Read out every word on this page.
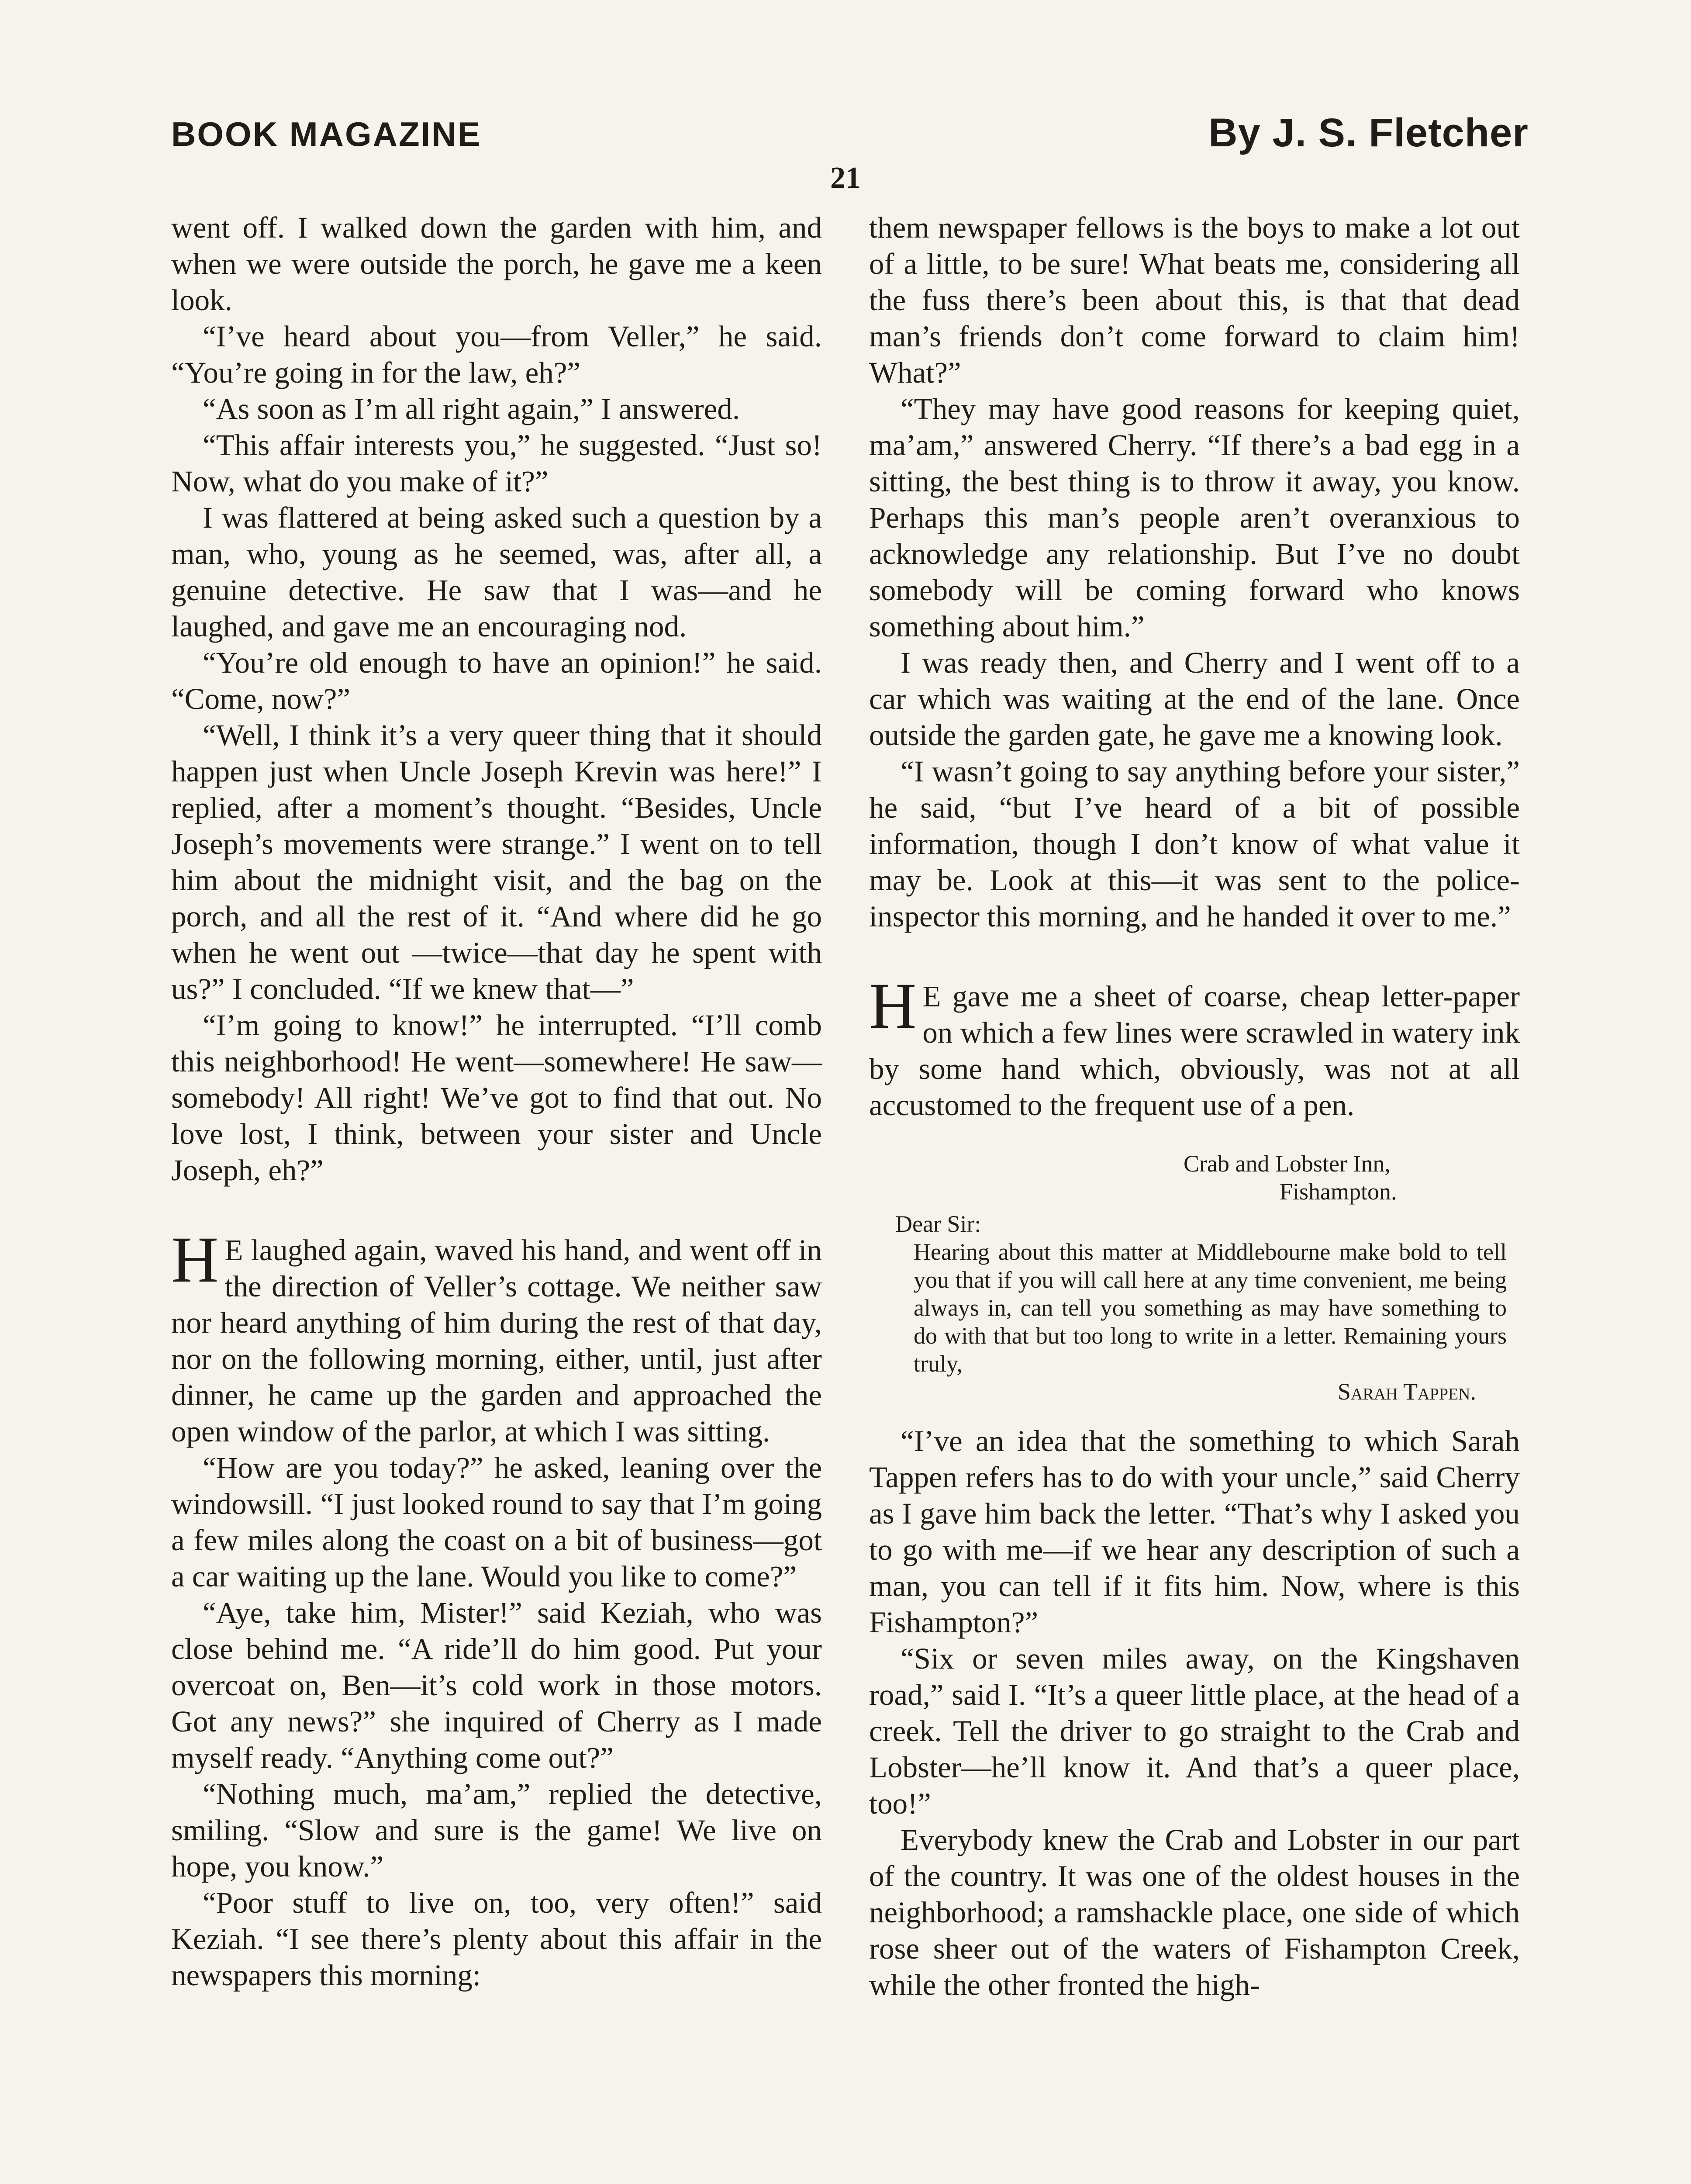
BOOK MAGAZINE	By J. S. Fletcher
21

went off. I walked down the garden with him, and when we were outside the porch, he gave me a keen look.

“I’ve heard about you—from Veller,” he said. “You’re going in for the law, eh?”

“As soon as I’m all right again,” I answered.

“This affair interests you,” he suggested. “Just so! Now, what do you make of it?”

I was flattered at being asked such a question by a man, who, young as he seemed, was, after all, a genuine detective. He saw that I was—and he laughed, and gave me an encouraging nod.

“You’re old enough to have an opinion!” he said. “Come, now?”

“Well, I think it’s a very queer thing that it should happen just when Uncle Joseph Krevin was here!” I replied, after a moment’s thought. “Besides, Uncle Joseph’s movements were strange.” I went on to tell him about the midnight visit, and the bag on the porch, and all the rest of it. “And where did he go when he went out —twice—that day he spent with us?” I concluded. “If we knew that—”

“I’m going to know!” he interrupted. “I’ll comb this neighborhood! He went—somewhere! He saw—somebody! All right! We’ve got to find that out. No love lost, I think, between your sister and Uncle Joseph, eh?”

H E laughed again, waved his hand, and went off in the direction of Veller’s cottage. We neither saw nor heard anything of him during the rest of that day, nor on the following morning, either, until, just after dinner, he came up the garden and approached the open window of the parlor, at which I was sitting.

“How are you today?” he asked, leaning over the windowsill. “I just looked round to say that I’m going a few miles along the coast on a bit of business—got a car waiting up the lane. Would you like to come?”

“Aye, take him, Mister!” said Keziah, who was close behind me. “A ride’ll do him good. Put your overcoat on, Ben—it’s cold work in those motors. Got any news?” she inquired of Cherry as I made myself ready. “Anything come out?”

“Nothing much, ma’am,” replied the detective, smiling. “Slow and sure is the game! We live on hope, you know.”

“Poor stuff to live on, too, very often!” said Keziah. “I see there’s plenty about this affair in the newspapers this morning:

them newspaper fellows is the boys to make a lot out of a little, to be sure! What beats me, considering all the fuss there’s been about this, is that that dead man’s friends don’t come forward to claim him! What?”

“They may have good reasons for keeping quiet, ma’am,” answered Cherry. “If there’s a bad egg in a sitting, the best thing is to throw it away, you know. Perhaps this man’s people aren’t overanxious to acknowledge any relationship. But I’ve no doubt somebody will be coming forward who knows something about him.”

I was ready then, and Cherry and I went off to a car which was waiting at the end of the lane. Once outside the garden gate, he gave me a knowing look.

“I wasn’t going to say anything before your sister,” he said, “but I’ve heard of a bit of possible information, though I don’t know of what value it may be. Look at this—it was sent to the police-inspector this morning, and he handed it over to me.”

H E gave me a sheet of coarse, cheap letter-paper on which a few lines were scrawled in watery ink by some hand which, obviously, was not at all accustomed to the frequent use of a pen.

Crab and Lobster Inn,
Fishampton.
Dear Sir:
Hearing about this matter at Middlebourne make bold to tell you that if you will call here at any time convenient, me being always in, can tell you something as may have something to do with that but too long to write in a letter. Remaining yours truly,
Sarah Tappen.

“I’ve an idea that the something to which Sarah Tappen refers has to do with your uncle,” said Cherry as I gave him back the letter. “That’s why I asked you to go with me—if we hear any description of such a man, you can tell if it fits him. Now, where is this Fishampton?”

“Six or seven miles away, on the Kingshaven road,” said I. “It’s a queer little place, at the head of a creek. Tell the driver to go straight to the Crab and Lobster—he’ll know it. And that’s a queer place, too!”

Everybody knew the Crab and Lobster in our part of the country. It was one of the oldest houses in the neighborhood; a ramshackle place, one side of which rose sheer out of the waters of Fishampton Creek, while the other fronted the high-
